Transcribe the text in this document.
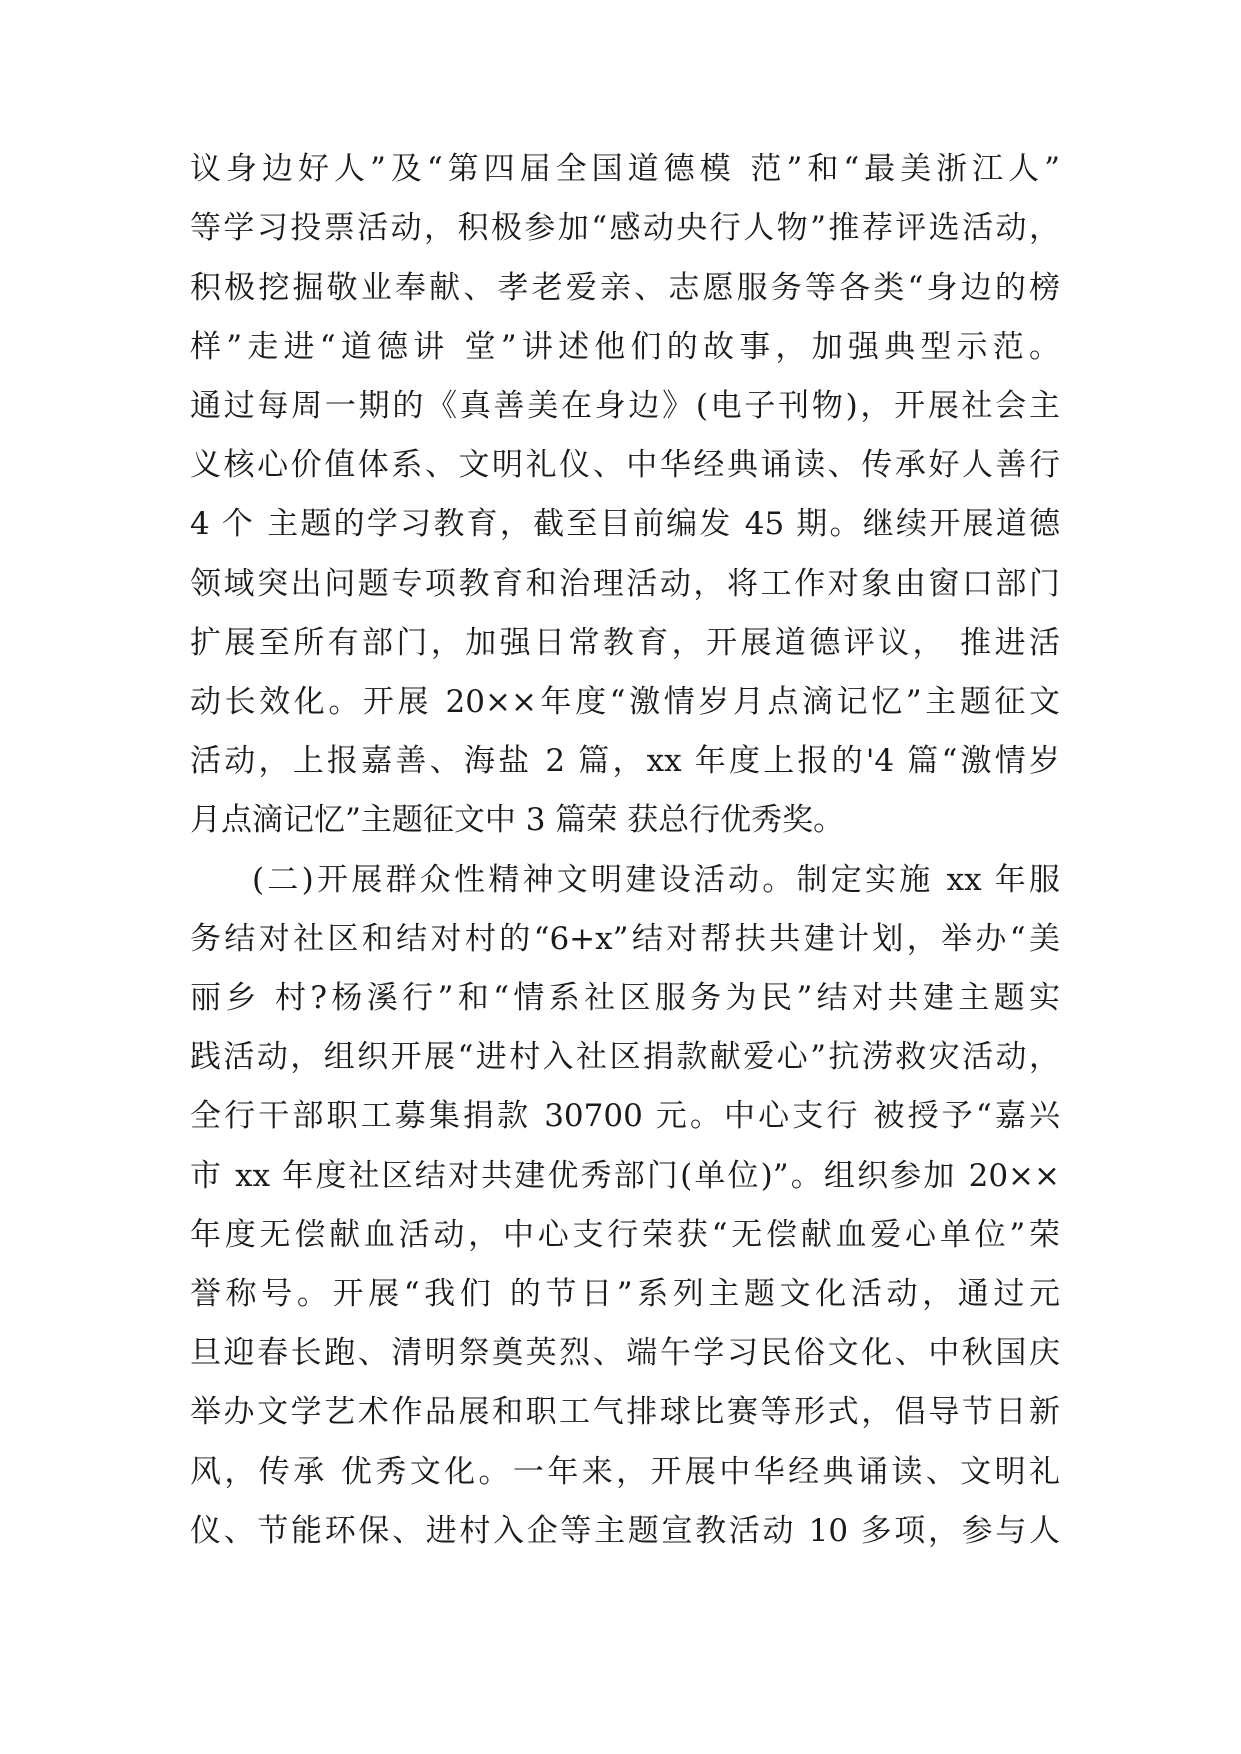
议身边好人”及“第四届全国道德模 范”和“最美浙江人”
等学习投票活动，积极参加“感动央行人物”推荐评选活动，
积极挖掘敬业奉献、孝老爱亲、志愿服务等各类“身边的榜
样”走进“道德讲 堂”讲述他们的故事，加强典型示范。
通过每周一期的《真善美在身边》(电子刊物)，开展社会主
义核心价值体系、文明礼仪、中华经典诵读、传承好人善行
4 个 主题的学习教育，截至目前编发 45 期。继续开展道德
领域突出问题专项教育和治理活动，将工作对象由窗口部门
扩展至所有部门，加强日常教育，开展道德评议， 推进活
动长效化。开展 20××年度“激情岁月点滴记忆”主题征文
活动，上报嘉善、海盐 2 篇，xx 年度上报的'4 篇“激情岁
月点滴记忆”主题征文中 3 篇荣 获总行优秀奖。
(二)开展群众性精神文明建设活动。制定实施 xx 年服
务结对社区和结对村的“6+x”结对帮扶共建计划，举办“美
丽乡 村?杨溪行”和“情系社区服务为民”结对共建主题实
践活动，组织开展“进村入社区捐款献爱心”抗涝救灾活动，
全行干部职工募集捐款 30700 元。中心支行 被授予“嘉兴
市 xx 年度社区结对共建优秀部门(单位)”。组织参加 20××
年度无偿献血活动，中心支行荣获“无偿献血爱心单位”荣
誉称号。开展“我们 的节日”系列主题文化活动，通过元
旦迎春长跑、清明祭奠英烈、端午学习民俗文化、中秋国庆
举办文学艺术作品展和职工气排球比赛等形式，倡导节日新
风，传承 优秀文化。一年来，开展中华经典诵读、文明礼
仪、节能环保、进村入企等主题宣教活动 10 多项，参与人
